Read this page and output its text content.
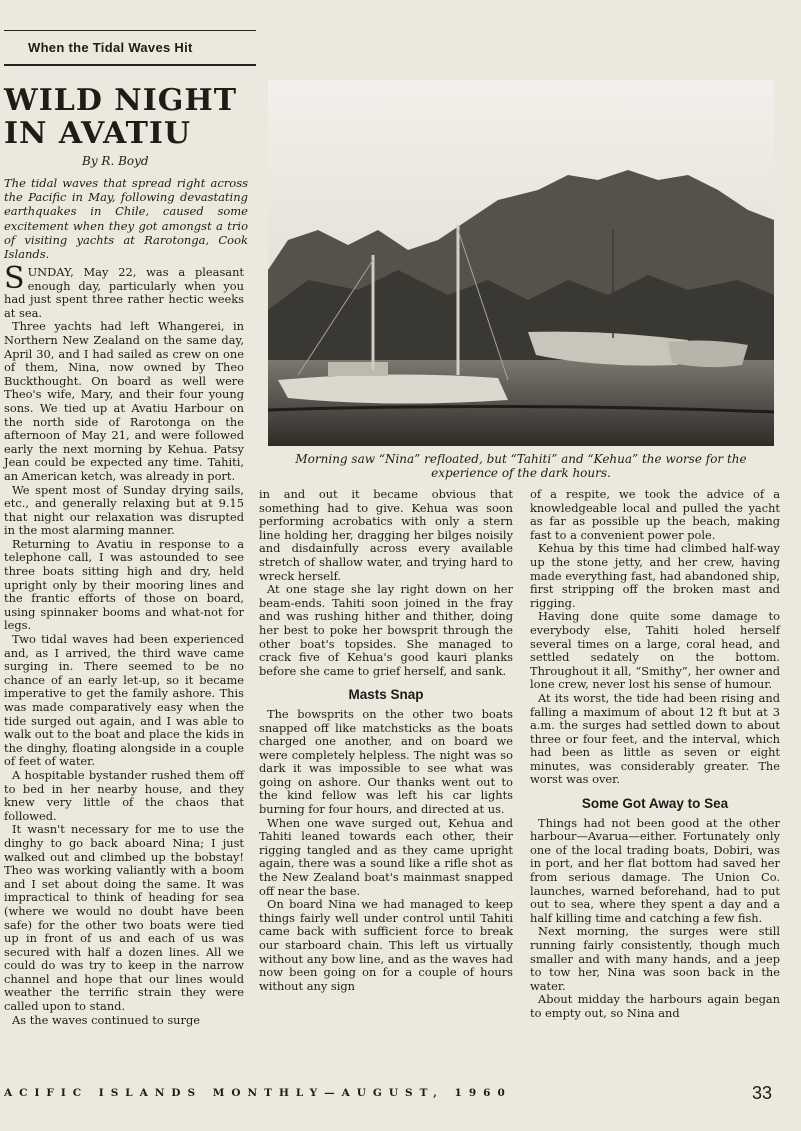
When the Tidal Waves Hit
WILD NIGHT
IN AVATIU
By R. Boyd

The tidal waves that spread right across the Pacific in May, following devastating earthquakes in Chile, caused some excitement when they got amongst a trio of visiting yachts at Rarotonga, Cook Islands.

Morning saw “Nina” refloated, but “Tahiti” and “Kehua” the worse for the experience of the dark hours.

SUNDAY, May 22, was a pleasant enough day, particularly when you had just spent three rather hectic weeks at sea.

Three yachts had left Whangerei, in Northern New Zealand on the same day, April 30, and I had sailed as crew on one of them, Nina, now owned by Theo Buckthought. On board as well were Theo's wife, Mary, and their four young sons. We tied up at Avatiu Harbour on the north side of Rarotonga on the afternoon of May 21, and were followed early the next morning by Kehua. Patsy Jean could be expected any time. Tahiti, an American ketch, was already in port.

We spent most of Sunday drying sails, etc., and generally relaxing but at 9.15 that night our relaxation was disrupted in the most alarming manner.

Returning to Avatiu in response to a telephone call, I was astounded to see three boats sitting high and dry, held upright only by their mooring lines and the frantic efforts of those on board, using spinnaker booms and what-not for legs.

Two tidal waves had been experienced and, as I arrived, the third wave came surging in. There seemed to be no chance of an early let-up, so it became imperative to get the family ashore. This was made comparatively easy when the tide surged out again, and I was able to walk out to the boat and place the kids in the dinghy, floating alongside in a couple of feet of water.

A hospitable bystander rushed them off to bed in her nearby house, and they knew very little of the chaos that followed.

It wasn't necessary for me to use the dinghy to go back aboard Nina; I just walked out and climbed up the bobstay! Theo was working valiantly with a boom and I set about doing the same. It was impractical to think of heading for sea (where we would no doubt have been safe) for the other two boats were tied up in front of us and each of us was secured with half a dozen lines. All we could do was try to keep in the narrow channel and hope that our lines would weather the terrific strain they were called upon to stand.

As the waves continued to surge

in and out it became obvious that something had to give. Kehua was soon performing acrobatics with only a stern line holding her, dragging her bilges noisily and disdainfully across every available stretch of shallow water, and trying hard to wreck herself.

At one stage she lay right down on her beam-ends. Tahiti soon joined in the fray and was rushing hither and thither, doing her best to poke her bowsprit through the other boat's topsides. She managed to crack five of Kehua's good kauri planks before she came to grief herself, and sank.

Masts Snap

The bowsprits on the other two boats snapped off like matchsticks as the boats charged one another, and on board we were completely helpless. The night was so dark it was impossible to see what was going on ashore. Our thanks went out to the kind fellow was left his car lights burning for four hours, and directed at us.

When one wave surged out, Kehua and Tahiti leaned towards each other, their rigging tangled and as they came upright again, there was a sound like a rifle shot as the New Zealand boat's mainmast snapped off near the base.

On board Nina we had managed to keep things fairly well under control until Tahiti came back with sufficient force to break our starboard chain. This left us virtually without any bow line, and as the waves had now been going on for a couple of hours without any sign

of a respite, we took the advice of a knowledgeable local and pulled the yacht as far as possible up the beach, making fast to a convenient power pole.

Kehua by this time had climbed half-way up the stone jetty, and her crew, having made everything fast, had abandoned ship, first stripping off the broken mast and rigging.

Having done quite some damage to everybody else, Tahiti holed herself several times on a large, coral head, and settled sedately on the bottom. Throughout it all, “Smithy”, her owner and lone crew, never lost his sense of humour.

At its worst, the tide had been rising and falling a maximum of about 12 ft but at 3 a.m. the surges had settled down to about three or four feet, and the interval, which had been as little as seven or eight minutes, was considerably greater. The worst was over.

Some Got Away to Sea

Things had not been good at the other harbour—Avarua—either. Fortunately only one of the local trading boats, Dobiri, was in port, and her flat bottom had saved her from serious damage. The Union Co. launches, warned beforehand, had to put out to sea, where they spent a day and a half killing time and catching a few fish.

Next morning, the surges were still running fairly consistently, though much smaller and with many hands, and a jeep to tow her, Nina was soon back in the water.

About midday the harbours again began to empty out, so Nina and

ACIFIC ISLANDS MONTHLY—AUGUST, 1960	33
